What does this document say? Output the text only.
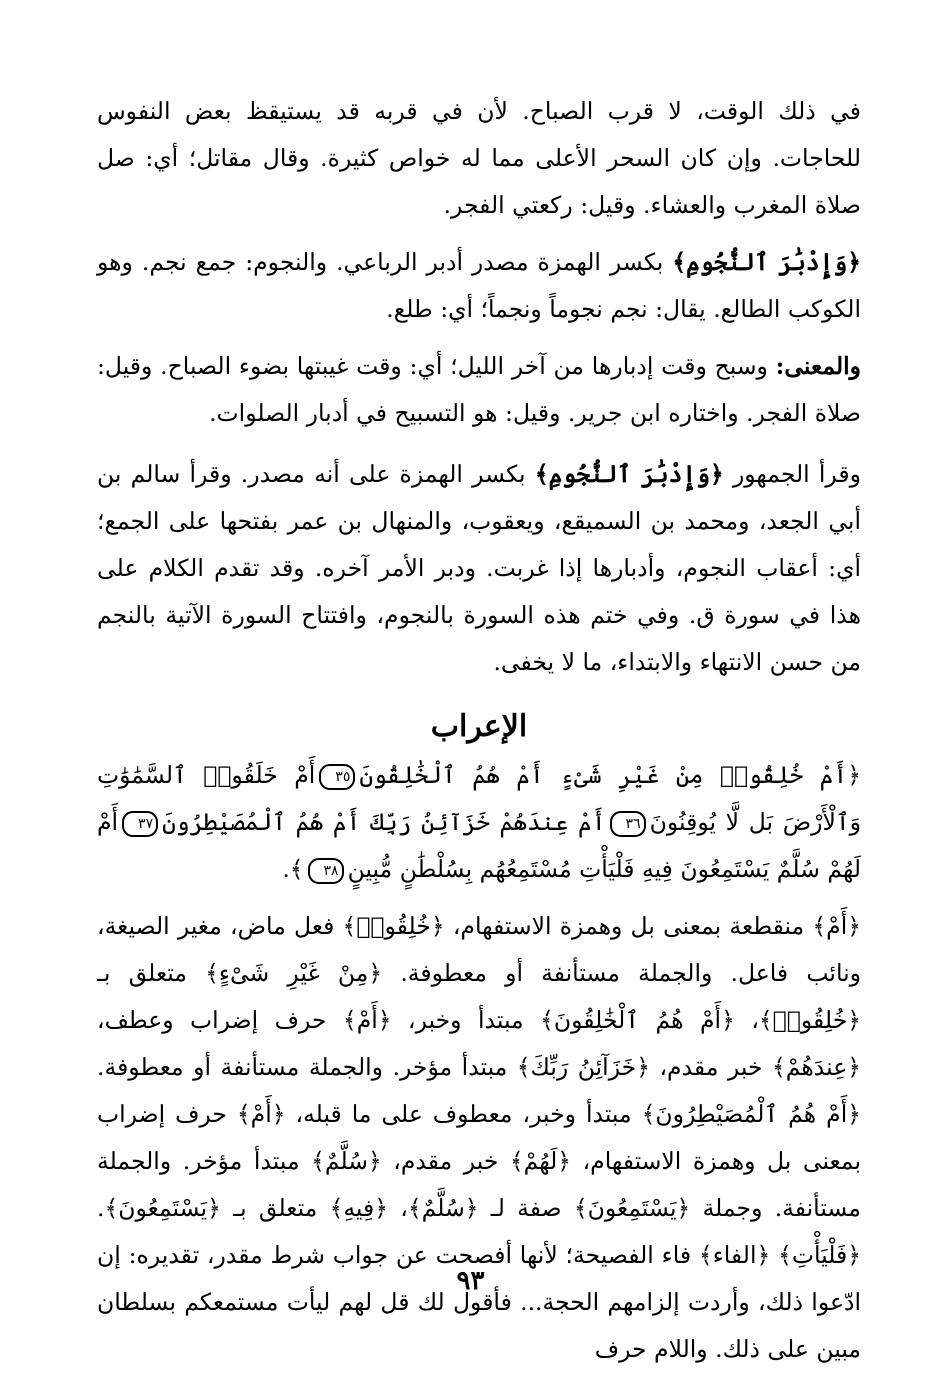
في ذلك الوقت، لا قرب الصباح. لأن في قربه قد يستيقظ بعض النفوس للحاجات. وإن كان السحر الأعلى مما له خواص كثيرة. وقال مقاتل؛ أي: صل صلاة المغرب والعشاء. وقيل: ركعتي الفجر.

﴿وَإِدْبَٰرَ ٱلنُّجُومِ﴾ بكسر الهمزة مصدر أدبر الرباعي. والنجوم: جمع نجم. وهو الكوكب الطالع. يقال: نجم نجوماً ونجماً؛ أي: طلع.

والمعنى: وسبح وقت إدبارها من آخر الليل؛ أي: وقت غيبتها بضوء الصباح. وقيل: صلاة الفجر. واختاره ابن جرير. وقيل: هو التسبيح في أدبار الصلوات.

وقرأ الجمهور ﴿وَإِدْبَٰرَ ٱلنُّجُومِ﴾ بكسر الهمزة على أنه مصدر. وقرأ سالم بن أبي الجعد، ومحمد بن السميقع، ويعقوب، والمنهال بن عمر بفتحها على الجمع؛ أي: أعقاب النجوم، وأدبارها إذا غربت. ودبر الأمر آخره. وقد تقدم الكلام على هذا في سورة ق. وفي ختم هذه السورة بالنجوم، وافتتاح السورة الآتية بالنجم من حسن الانتهاء والابتداء، ما لا يخفى.

الإعراب

﴿أَمْ خُلِقُوا۟ مِنْ غَيْرِ شَىْءٍ أَمْ هُمُ ٱلْخَٰلِقُونَ٣٥أَمْ خَلَقُوا۟ ٱلسَّمَٰوَٰتِ وَٱلْأَرْضَ بَل لَّا يُوقِنُونَ٣٦أَمْ عِندَهُمْ خَزَآئِنُ رَبِّكَ أَمْ هُمُ ٱلْمُصَيْطِرُونَ٣٧أَمْ لَهُمْ سُلَّمٌ يَسْتَمِعُونَ فِيهِ فَلْيَأْتِ مُسْتَمِعُهُم بِسُلْطَٰنٍ مُّبِينٍ٣٨﴾.

﴿أَمْ﴾ منقطعة بمعنى بل وهمزة الاستفهام، ﴿خُلِقُوا۟﴾ فعل ماض، مغير الصيغة، ونائب فاعل. والجملة مستأنفة أو معطوفة. ﴿مِنْ غَيْرِ شَىْءٍ﴾ متعلق بـ ﴿خُلِقُوا۟﴾، ﴿أَمْ هُمُ ٱلْخَٰلِقُونَ﴾ مبتدأ وخبر، ﴿أَمْ﴾ حرف إضراب وعطف، ﴿عِندَهُمْ﴾ خبر مقدم، ﴿خَزَآئِنُ رَبِّكَ﴾ مبتدأ مؤخر. والجملة مستأنفة أو معطوفة. ﴿أَمْ هُمُ ٱلْمُصَيْطِرُونَ﴾ مبتدأ وخبر، معطوف على ما قبله، ﴿أَمْ﴾ حرف إضراب بمعنى بل وهمزة الاستفهام، ﴿لَهُمْ﴾ خبر مقدم، ﴿سُلَّمٌ﴾ مبتدأ مؤخر. والجملة مستأنفة. وجملة ﴿يَسْتَمِعُونَ﴾ صفة لـ ﴿سُلَّمٌ﴾، ﴿فِيهِ﴾ متعلق بـ ﴿يَسْتَمِعُونَ﴾. ﴿فَلْيَأْتِ﴾ ﴿الفاء﴾ فاء الفصيحة؛ لأنها أفصحت عن جواب شرط مقدر، تقديره: إن ادّعوا ذلك، وأردت إلزامهم الحجة... فأقول لك قل لهم ليأت مستمعكم بسلطان مبين على ذلك. واللام حرف

٩٣
